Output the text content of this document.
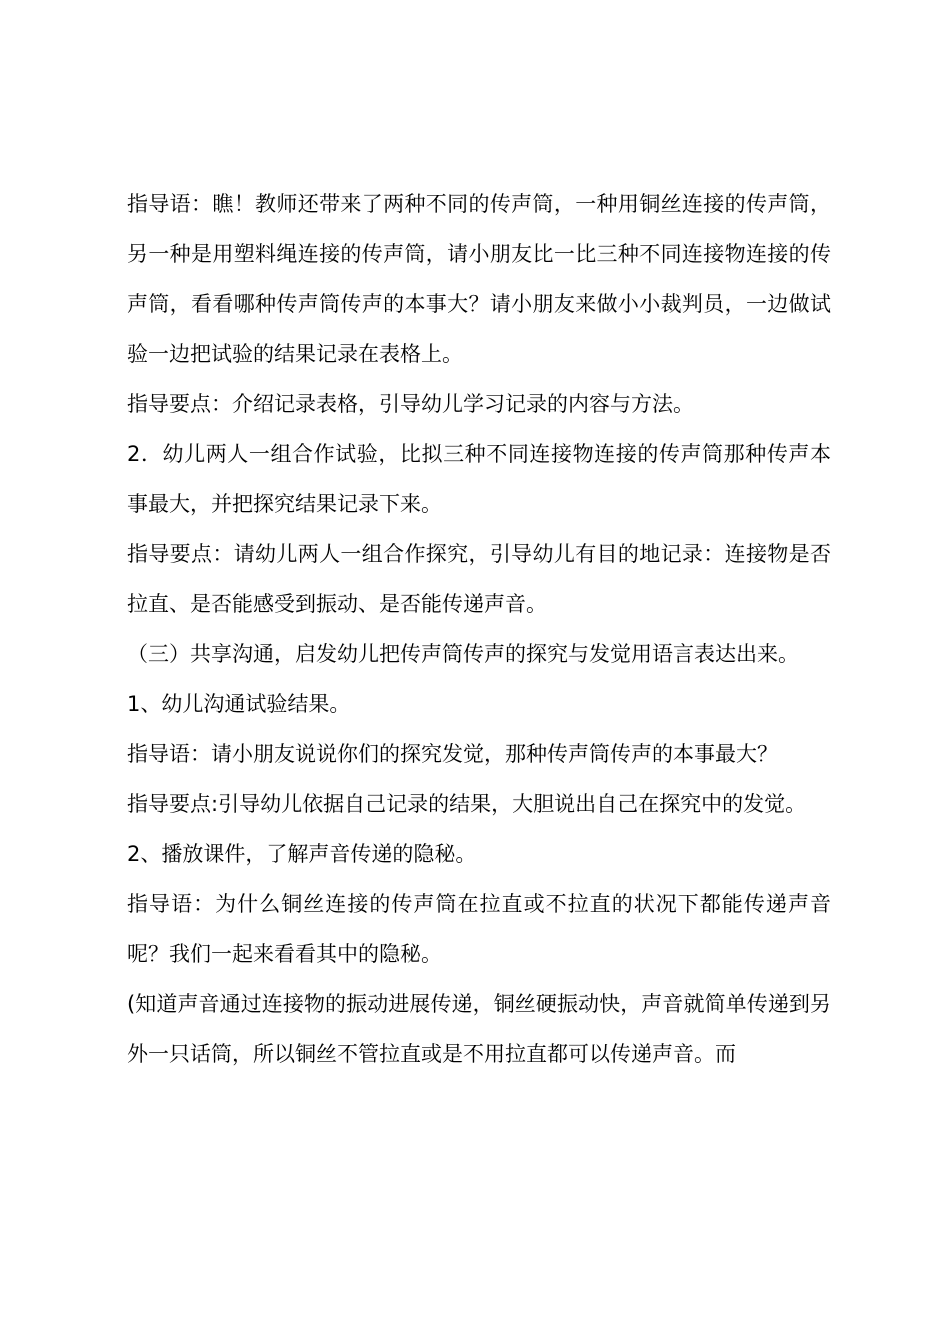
指导语：瞧！教师还带来了两种不同的传声筒，一种用铜丝连接的传声筒，另一种是用塑料绳连接的传声筒，请小朋友比一比三种不同连接物连接的传声筒，看看哪种传声筒传声的本事大？请小朋友来做小小裁判员，一边做试验一边把试验的结果记录在表格上。

指导要点：介绍记录表格，引导幼儿学习记录的内容与方法。

2．幼儿两人一组合作试验，比拟三种不同连接物连接的传声筒那种传声本事最大，并把探究结果记录下来。

指导要点：请幼儿两人一组合作探究，引导幼儿有目的地记录：连接物是否拉直、是否能感受到振动、是否能传递声音。

（三）共享沟通，启发幼儿把传声筒传声的探究与发觉用语言表达出来。

1、幼儿沟通试验结果。

指导语：请小朋友说说你们的探究发觉，那种传声筒传声的本事最大？

指导要点:引导幼儿依据自己记录的结果，大胆说出自己在探究中的发觉。

2、播放课件，了解声音传递的隐秘。

指导语：为什么铜丝连接的传声筒在拉直或不拉直的状况下都能传递声音呢？我们一起来看看其中的隐秘。

(知道声音通过连接物的振动进展传递，铜丝硬振动快，声音就简单传递到另外一只话筒，所以铜丝不管拉直或是不用拉直都可以传递声音。而
